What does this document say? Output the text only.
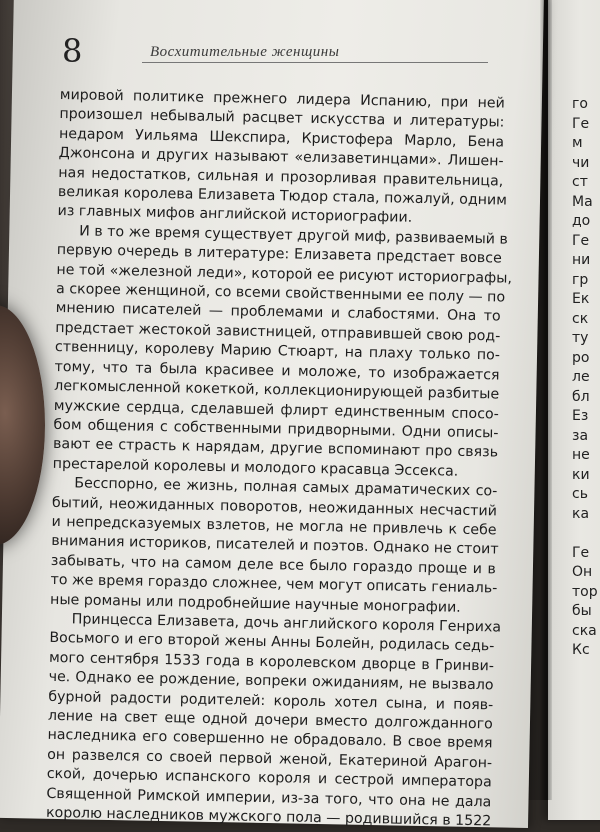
го
Ге
м
чи
ст
Ма
до
Ге
ни
гр
Ек
ск
ту
ро
ле
бл
Ез
за
не
ки
сь
ка

Ге
Он
тор
бы
ска
Кс
8	Восхитительные женщины
мировой политике прежнего лидера Испанию, при ней
произошел небывалый расцвет искусства и литературы:
недаром Уильяма Шекспира, Кристофера Марло, Бена
Джонсона и других называют «елизаветинцами». Лишен-
ная недостатков, сильная и прозорливая правительница,
великая королева Елизавета Тюдор стала, пожалуй, одним
из главных мифов английской историографии.
И в то же время существует другой миф, развиваемый в
первую очередь в литературе: Елизавета предстает вовсе
не той «железной леди», которой ее рисуют историографы,
а скорее женщиной, со всеми свойственными ее полу — по
мнению писателей — проблемами и слабостями. Она то
предстает жестокой завистницей, отправившей свою род-
ственницу, королеву Марию Стюарт, на плаху только по-
тому, что та была красивее и моложе, то изображается
легкомысленной кокеткой, коллекционирующей разбитые
мужские сердца, сделавшей флирт единственным спосо-
бом общения с собственными придворными. Одни описы-
вают ее страсть к нарядам, другие вспоминают про связь
престарелой королевы и молодого красавца Эссекса.
Бесспорно, ее жизнь, полная самых драматических со-
бытий, неожиданных поворотов, неожиданных несчастий
и непредсказуемых взлетов, не могла не привлечь к себе
внимания историков, писателей и поэтов. Однако не стоит
забывать, что на самом деле все было гораздо проще и в
то же время гораздо сложнее, чем могут описать гениаль-
ные романы или подробнейшие научные монографии.
Принцесса Елизавета, дочь английского короля Генриха
Восьмого и его второй жены Анны Болейн, родилась седь-
мого сентября 1533 года в королевском дворце в Гринви-
че. Однако ее рождение, вопреки ожиданиям, не вызвало
бурной радости родителей: король хотел сына, и появ-
ление на свет еще одной дочери вместо долгожданного
наследника его совершенно не обрадовало. В свое время
он развелся со своей первой женой, Екатериной Арагон-
ской, дочерью испанского короля и сестрой императора
Священной Римской империи, из-за того, что она не дала
королю наследников мужского пола — родившийся в 1522
